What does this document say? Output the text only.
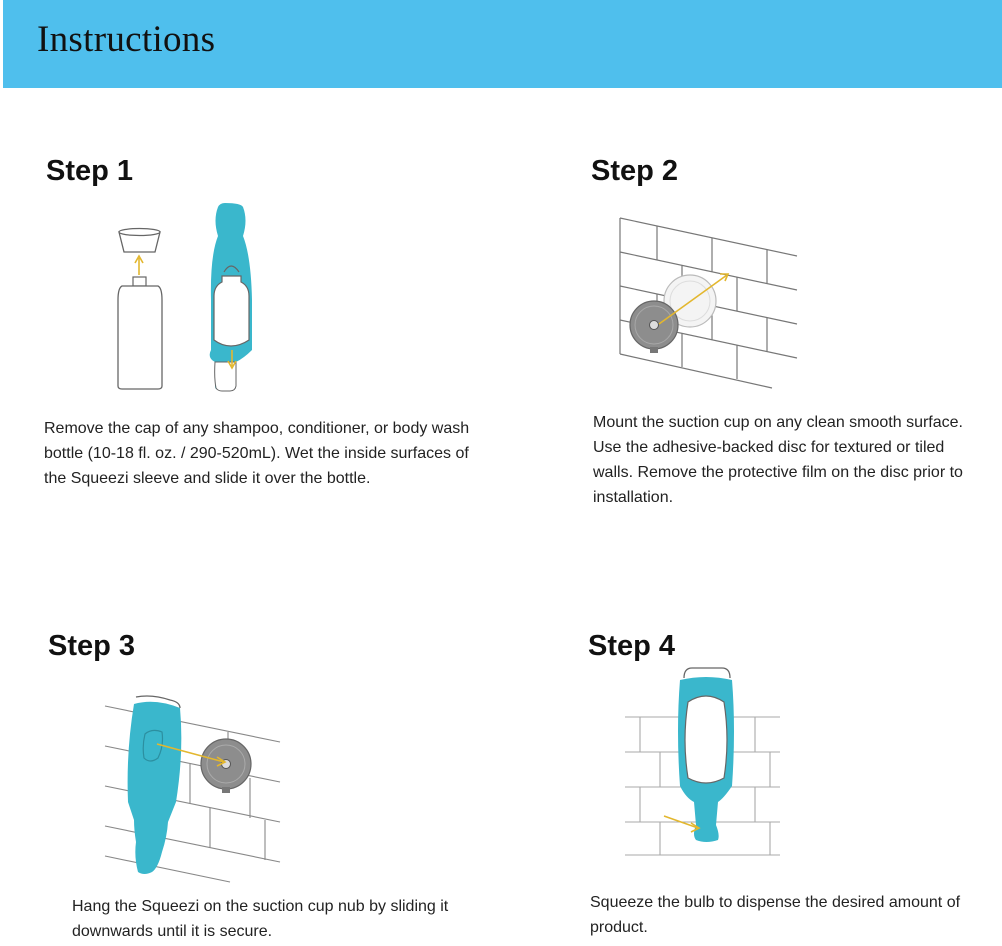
Instructions
Step 1

Remove the cap of any shampoo, conditioner, or body wash bottle (10-18 fl. oz. / 290-520mL). Wet the inside surfaces of the Squeezi sleeve and slide it over the bottle.

Step 2

Mount the suction cup on any clean smooth surface. Use the adhesive-backed disc for textured or tiled walls. Remove the protective film on the disc prior to installation.

Step 3

Hang the Squeezi on the suction cup nub by sliding it downwards until it is secure.

Step 4

Squeeze the bulb to dispense the desired amount of product.
